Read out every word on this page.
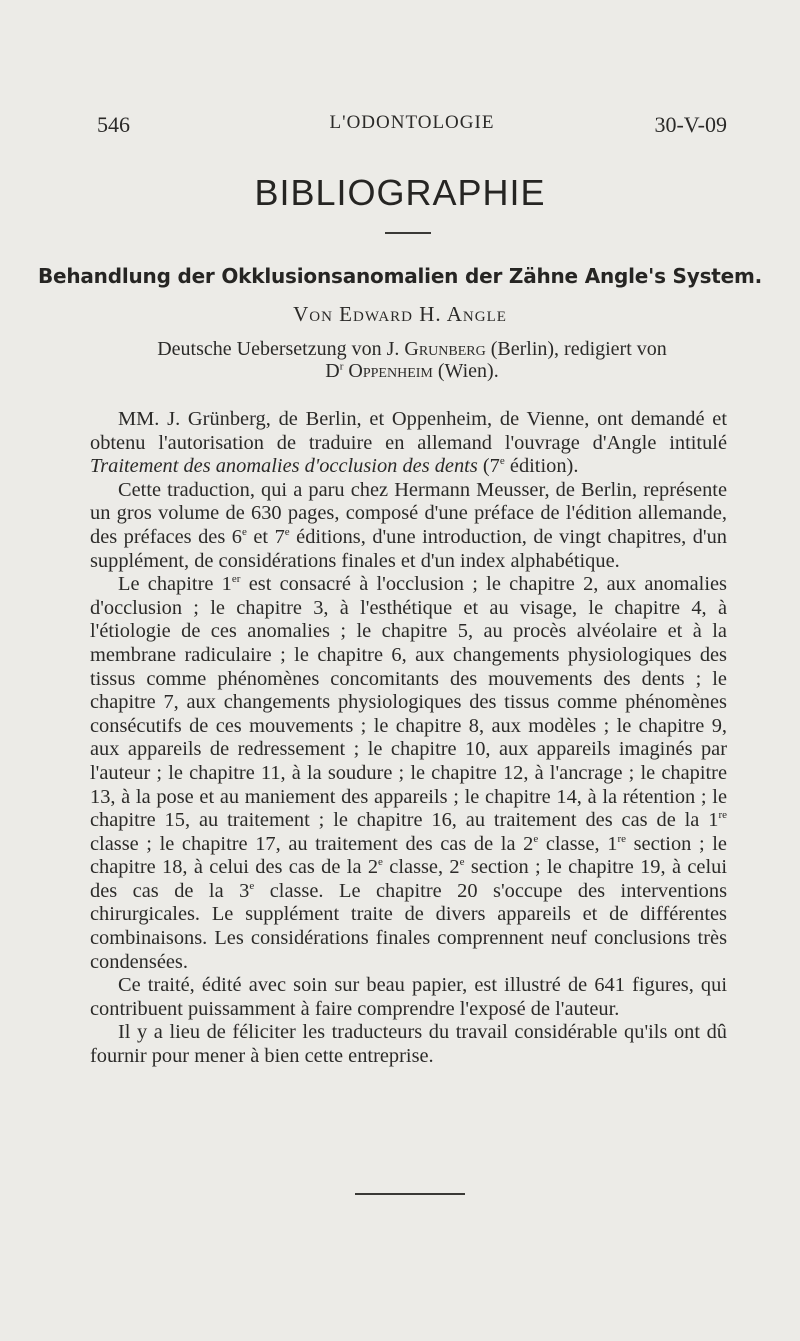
546	L'ODONTOLOGIE	30-V-09
BIBLIOGRAPHIE
Behandlung der Okklusionsanomalien der Zähne Angle's System.
Von Edward H. Angle
Deutsche Uebersetzung von J. Grunberg (Berlin), redigiert von
$D^r$ Oppenheim (Wien).

MM. J. Grünberg, de Berlin, et Oppenheim, de Vienne, ont demandé et obtenu l'autorisation de traduire en allemand l'ouvrage d'Angle intitulé Traitement des anomalies d'occlusion des dents (7e édition).

Cette traduction, qui a paru chez Hermann Meusser, de Berlin, représente un gros volume de 630 pages, composé d'une préface de l'édition allemande, des préfaces des 6e et 7e éditions, d'une introduction, de vingt chapitres, d'un supplément, de considérations finales et d'un index alphabétique.

Le chapitre 1er est consacré à l'occlusion ; le chapitre 2, aux anomalies d'occlusion ; le chapitre 3, à l'esthétique et au visage, le chapitre 4, à l'étiologie de ces anomalies ; le chapitre 5, au procès alvéolaire et à la membrane radiculaire ; le chapitre 6, aux changements physiologiques des tissus comme phénomènes concomitants des mouvements des dents ; le chapitre 7, aux changements physiologiques des tissus comme phénomènes consécutifs de ces mouvements ; le chapitre 8, aux modèles ; le chapitre 9, aux appareils de redressement ; le chapitre 10, aux appareils imaginés par l'auteur ; le chapitre 11, à la soudure ; le chapitre 12, à l'ancrage ; le chapitre 13, à la pose et au maniement des appareils ; le chapitre 14, à la rétention ; le chapitre 15, au traitement ; le chapitre 16, au traitement des cas de la 1re classe ; le chapitre 17, au traitement des cas de la 2e classe, 1re section ; le chapitre 18, à celui des cas de la 2e classe, 2e section ; le chapitre 19, à celui des cas de la 3e classe. Le chapitre 20 s'occupe des interventions chirurgicales. Le supplément traite de divers appareils et de différentes combinaisons. Les considérations finales comprennent neuf conclusions très condensées.

Ce traité, édité avec soin sur beau papier, est illustré de 641 figures, qui contribuent puissamment à faire comprendre l'exposé de l'auteur.

Il y a lieu de féliciter les traducteurs du travail considérable qu'ils ont dû fournir pour mener à bien cette entreprise.
